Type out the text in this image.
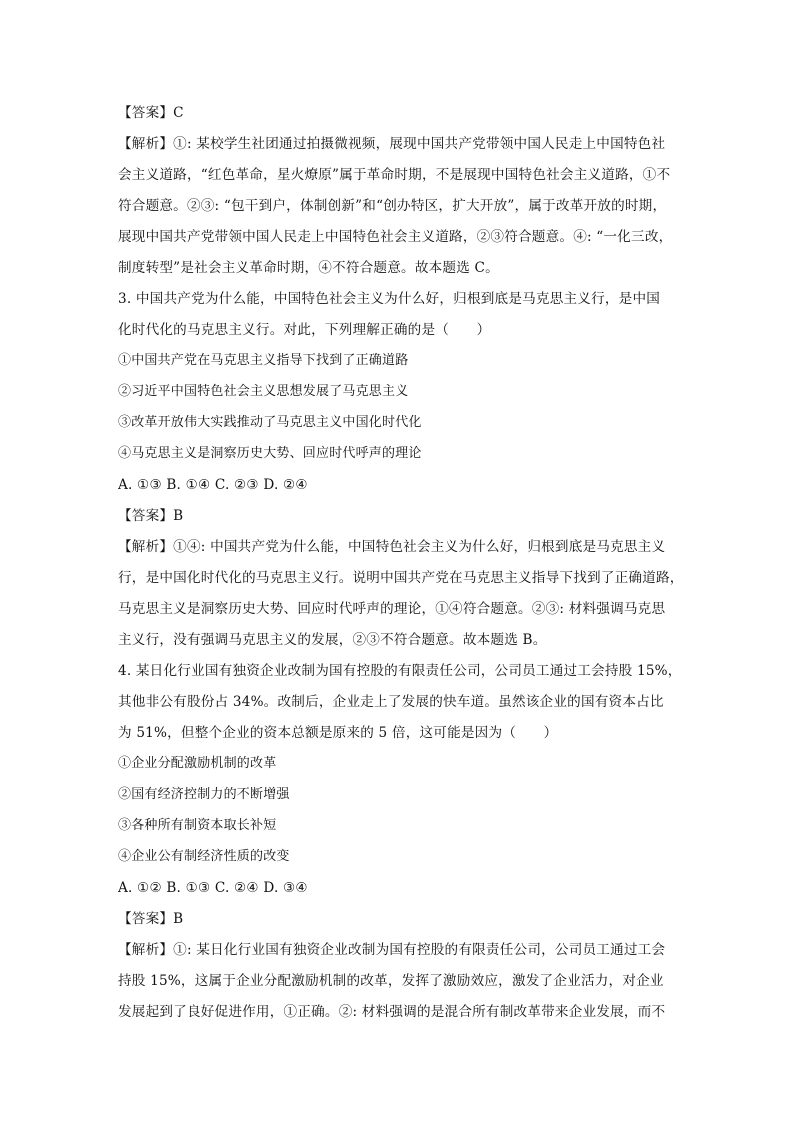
【答案】C
【解析】①: 某校学生社团通过拍摄微视频，展现中国共产党带领中国人民走上中国特色社
会主义道路，“红色革命，星火燎原”属于革命时期，不是展现中国特色社会主义道路，①不
符合题意。②③: “包干到户，体制创新”和“创办特区，扩大开放”，属于改革开放的时期，
展现中国共产党带领中国人民走上中国特色社会主义道路，②③符合题意。④: “一化三改，
制度转型”是社会主义革命时期，④不符合题意。故本题选 C。
3. 中国共产党为什么能，中国特色社会主义为什么好，归根到底是马克思主义行，是中国
化时代化的马克思主义行。对此，下列理解正确的是（　　）
①中国共产党在马克思主义指导下找到了正确道路
②习近平中国特色社会主义思想发展了马克思主义
③改革开放伟大实践推动了马克思主义中国化时代化
④马克思主义是洞察历史大势、回应时代呼声的理论
A. ①③ B. ①④ C. ②③ D. ②④
【答案】B
【解析】①④: 中国共产党为什么能，中国特色社会主义为什么好，归根到底是马克思主义
行，是中国化时代化的马克思主义行。说明中国共产党在马克思主义指导下找到了正确道路，
马克思主义是洞察历史大势、回应时代呼声的理论，①④符合题意。②③: 材料强调马克思
主义行，没有强调马克思主义的发展，②③不符合题意。故本题选 B。
4. 某日化行业国有独资企业改制为国有控股的有限责任公司，公司员工通过工会持股 15%，
其他非公有股份占 34%。改制后，企业走上了发展的快车道。虽然该企业的国有资本占比
为 51%，但整个企业的资本总额是原来的 5 倍，这可能是因为（　　）
①企业分配激励机制的改革
②国有经济控制力的不断增强
③各种所有制资本取长补短
④企业公有制经济性质的改变
A. ①② B. ①③ C. ②④ D. ③④
【答案】B
【解析】①: 某日化行业国有独资企业改制为国有控股的有限责任公司，公司员工通过工会
持股 15%，这属于企业分配激励机制的改革，发挥了激励效应，激发了企业活力，对企业
发展起到了良好促进作用，①正确。②: 材料强调的是混合所有制改革带来企业发展，而不
